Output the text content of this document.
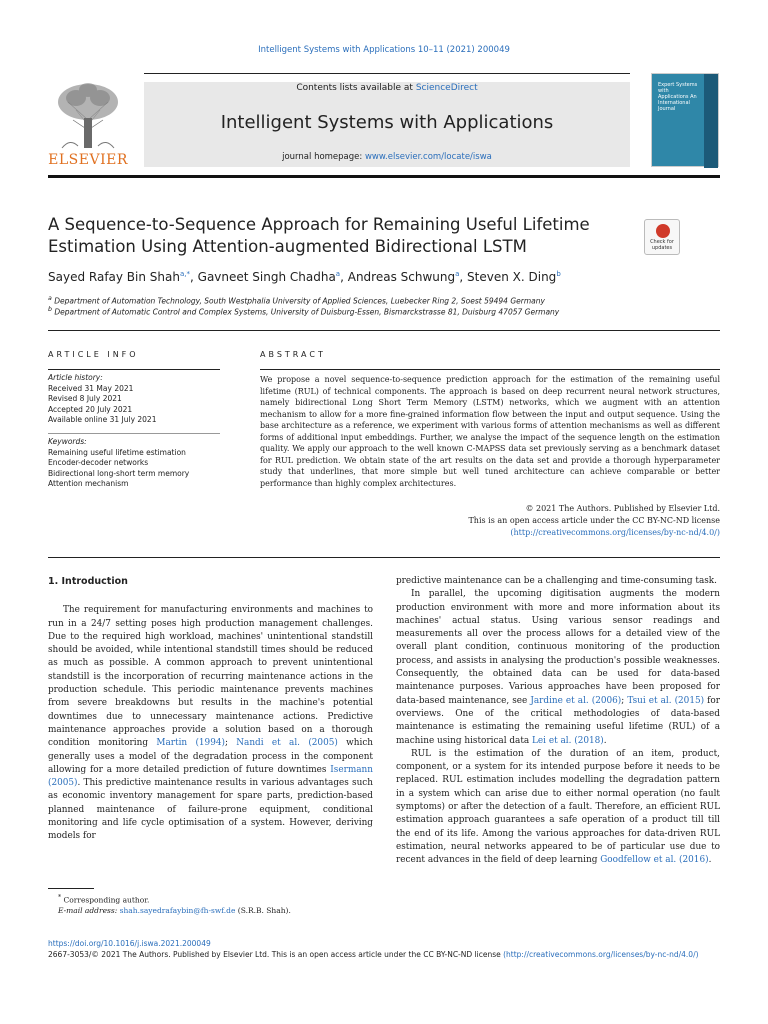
Intelligent Systems with Applications 10–11 (2021) 200049
ELSEVIER
Contents lists available at ScienceDirect
Intelligent Systems with Applications
journal homepage: www.elsevier.com/locate/iswa
Expert Systems with Applications An International Journal
A Sequence-to-Sequence Approach for Remaining Useful Lifetime Estimation Using Attention-augmented Bidirectional LSTM	Check for updates
Sayed Rafay Bin Shah$^{a,*}$, Gavneet Singh Chadha$^a$, Andreas Schwung$^a$, Steven X. Ding$^b$
$^a$ Department of Automation Technology, South Westphalia University of Applied Sciences, Luebecker Ring 2, Soest 59494 Germany
$^b$ Department of Automatic Control and Complex Systems, University of Duisburg-Essen, Bismarckstrasse 81, Duisburg 47057 Germany
ARTICLE INFO
Article history:
Received 31 May 2021
Revised 8 July 2021
Accepted 20 July 2021
Available online 31 July 2021
Keywords:
Remaining useful lifetime estimation
Encoder-decoder networks
Bidirectional long-short term memory
Attention mechanism
ABSTRACT
We propose a novel sequence-to-sequence prediction approach for the estimation of the remaining useful lifetime (RUL) of technical components. The approach is based on deep recurrent neural network structures, namely bidirectional Long Short Term Memory (LSTM) networks, which we augment with an attention mechanism to allow for a more fine-grained information flow between the input and output sequence. Using the base architecture as a reference, we experiment with various forms of attention mechanisms as well as different forms of additional input embeddings. Further, we analyse the impact of the sequence length on the estimation quality. We apply our approach to the well known C-MAPSS data set previously serving as a benchmark dataset for RUL prediction. We obtain state of the art results on the data set and provide a thorough hyperparameter study that underlines, that more simple but well tuned architecture can achieve comparable or better performance than highly complex architectures.
© 2021 The Authors. Published by Elsevier Ltd.
This is an open access article under the CC BY-NC-ND license
(http://creativecommons.org/licenses/by-nc-nd/4.0/)
1. Introduction

The requirement for manufacturing environments and machines to run in a 24/7 setting poses high production management challenges. Due to the required high workload, machines' unintentional standstill should be avoided, while intentional standstill times should be reduced as much as possible. A common approach to prevent unintentional standstill is the incorporation of recurring maintenance actions in the production schedule. This periodic maintenance prevents machines from severe breakdowns but results in the machine's potential downtimes due to unnecessary maintenance actions. Predictive maintenance approaches provide a solution based on a thorough condition monitoring Martin (1994); Nandi et al. (2005) which generally uses a model of the degradation process in the component allowing for a more detailed prediction of future downtimes Isermann (2005). This predictive maintenance results in various advantages such as economic inventory management for spare parts, prediction-based planned maintenance of failure-prone equipment, conditional monitoring and life cycle optimisation of a system. However, deriving models for

predictive maintenance can be a challenging and time-consuming task.

In parallel, the upcoming digitisation augments the modern production environment with more and more information about its machines' actual status. Using various sensor readings and measurements all over the process allows for a detailed view of the overall plant condition, continuous monitoring of the production process, and assists in analysing the production's possible weaknesses. Consequently, the obtained data can be used for data-based maintenance purposes. Various approaches have been proposed for data-based maintenance, see Jardine et al. (2006); Tsui et al. (2015) for overviews. One of the critical methodologies of data-based maintenance is estimating the remaining useful lifetime (RUL) of a machine using historical data Lei et al. (2018).

RUL is the estimation of the duration of an item, product, component, or a system for its intended purpose before it needs to be replaced. RUL estimation includes modelling the degradation pattern in a system which can arise due to either normal operation (no fault symptoms) or after the detection of a fault. Therefore, an efficient RUL estimation approach guarantees a safe operation of a product till till the end of its life. Among the various approaches for data-driven RUL estimation, neural networks appeared to be of particular use due to recent advances in the field of deep learning Goodfellow et al. (2016).

* Corresponding author.
E-mail address: shah.sayedrafaybin@fh-swf.de (S.R.B. Shah).
https://doi.org/10.1016/j.iswa.2021.200049
2667-3053/© 2021 The Authors. Published by Elsevier Ltd. This is an open access article under the CC BY-NC-ND license (http://creativecommons.org/licenses/by-nc-nd/4.0/)
